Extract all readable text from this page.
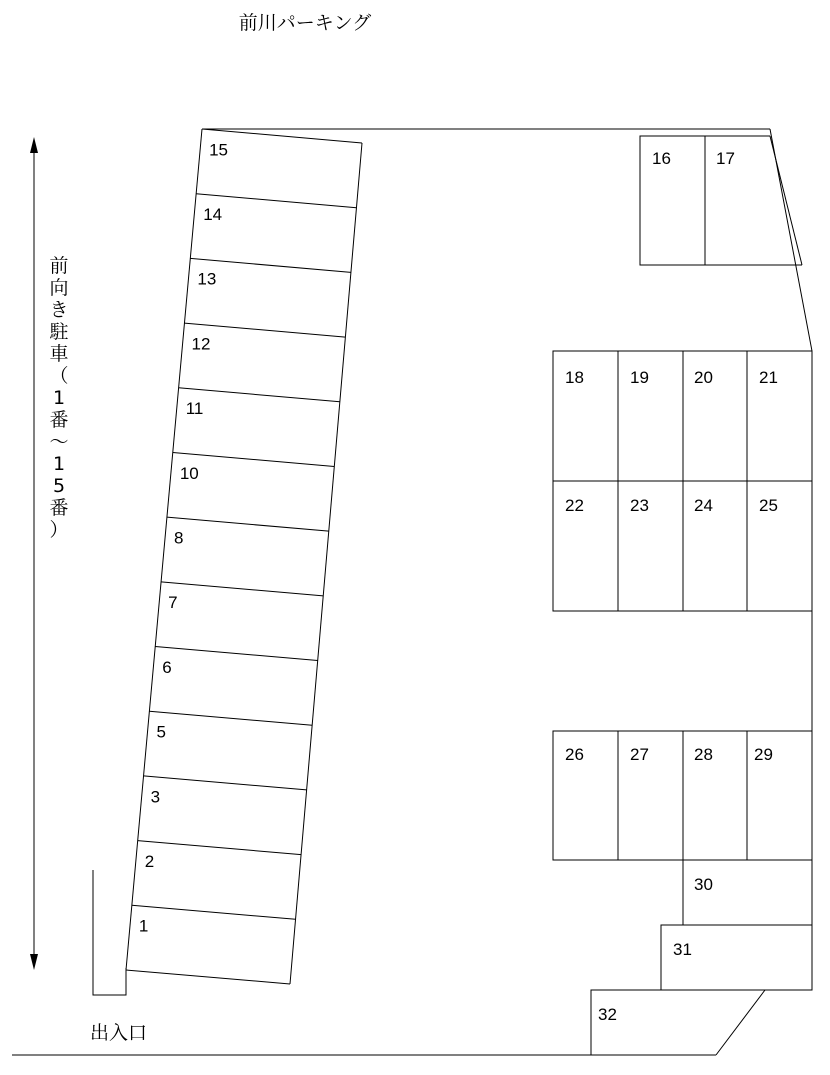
前川パーキング
前
向
き
駐
車
（
1
番
～
1
5
番
）
出入口
1
2
3
5
6
7
8
10
11
12
13
14
15	16	17
18	19	20	21
22	23	24	25
26	27	28 29
30
31
32
